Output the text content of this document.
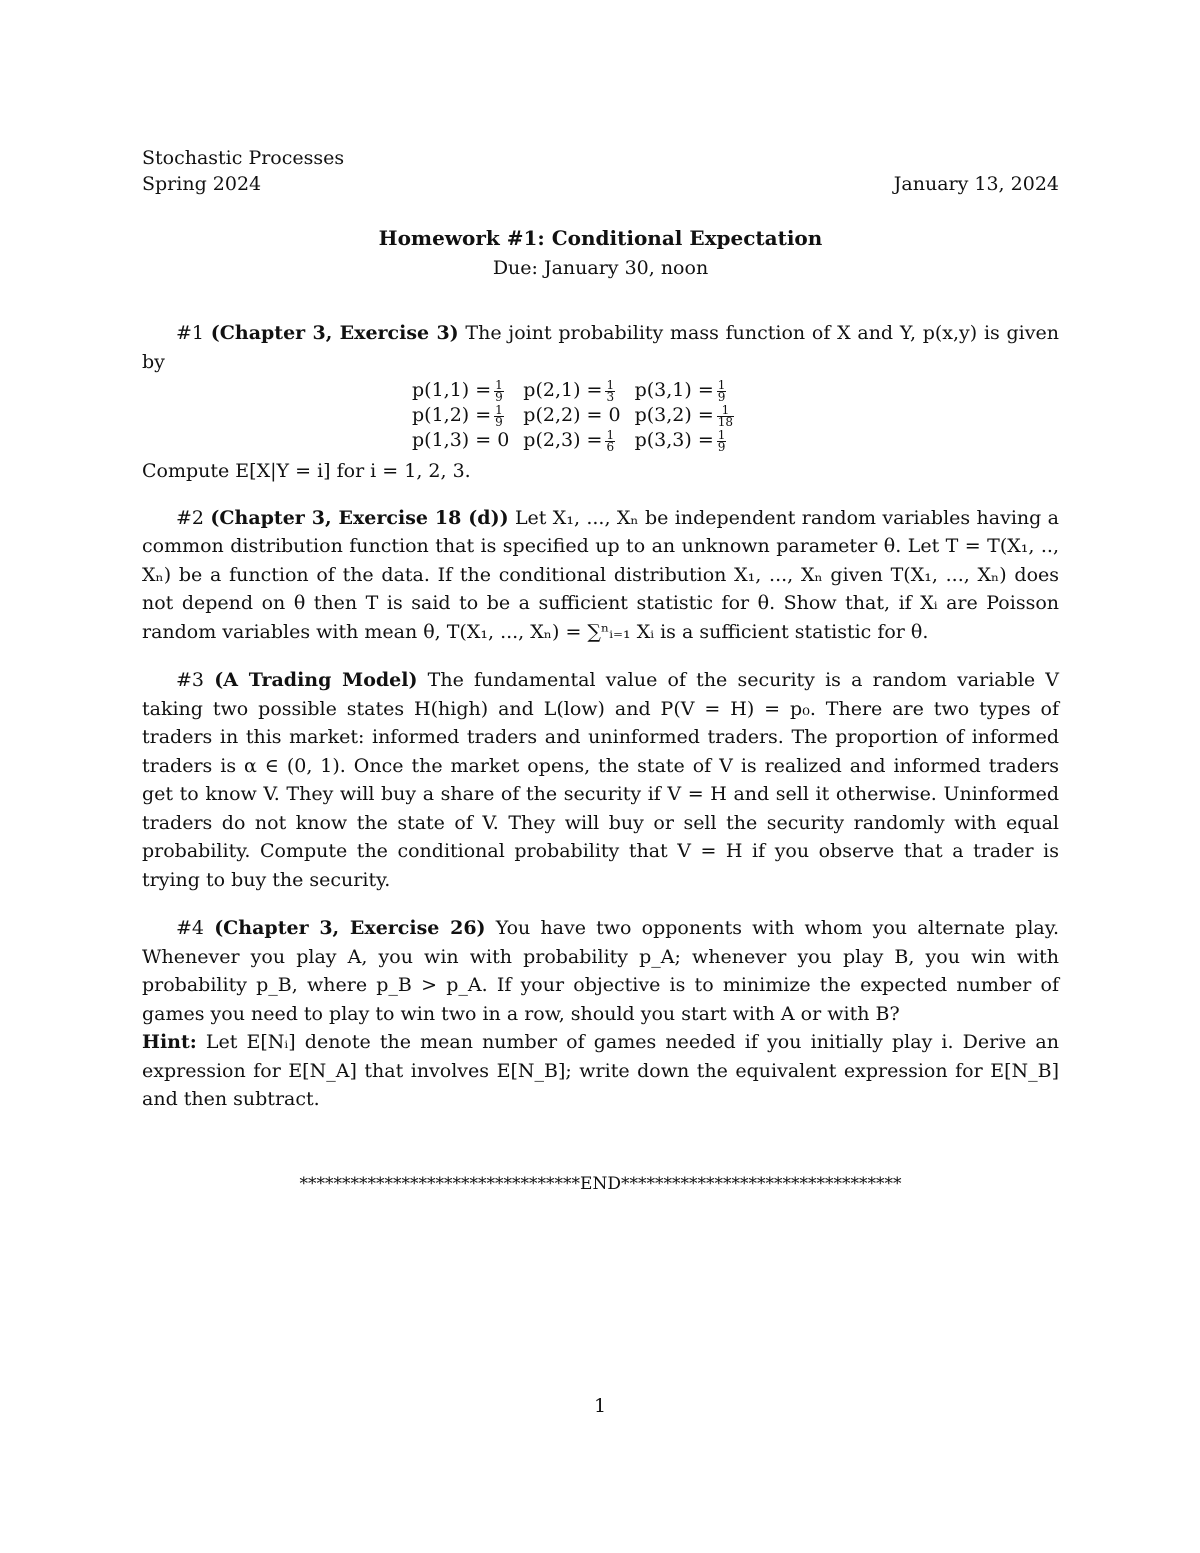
Stochastic Processes
Spring 2024	January 13, 2024
Homework #1: Conditional Expectation
Due: January 30, noon
#1 (Chapter 3, Exercise 3) The joint probability mass function of X and Y, p(x,y) is given by
$p(1,1) = \frac{1}{9}$	$p(2,1) = \frac{1}{3}$	$p(3,1) = \frac{1}{9}$

$p(1,2) = \frac{1}{9}$	p(2,2) = 0	$p(3,2) = \frac{1}{18}$

p(1,3) = 0	$p(2,3) = \frac{1}{6}$	$p(3,3) = \frac{1}{9}$
Compute E[X|Y = i] for i = 1, 2, 3.
#2 (Chapter 3, Exercise 18 (d)) Let X₁, ..., Xₙ be independent random variables having a common distribution function that is specified up to an unknown parameter θ. Let T = T(X₁, .., Xₙ) be a function of the data. If the conditional distribution X₁, ..., Xₙ given T(X₁, ..., Xₙ) does not depend on θ then T is said to be a sufficient statistic for θ. Show that, if Xᵢ are Poisson random variables with mean θ, T(X₁, ..., Xₙ) = ∑ⁿᵢ₌₁ Xᵢ is a sufficient statistic for θ.
#3 (A Trading Model) The fundamental value of the security is a random variable V taking two possible states H(high) and L(low) and P(V = H) = p₀. There are two types of traders in this market: informed traders and uninformed traders. The proportion of informed traders is α ∈ (0, 1). Once the market opens, the state of V is realized and informed traders get to know V. They will buy a share of the security if V = H and sell it otherwise. Uninformed traders do not know the state of V. They will buy or sell the security randomly with equal probability. Compute the conditional probability that V = H if you observe that a trader is trying to buy the security.
#4 (Chapter 3, Exercise 26) You have two opponents with whom you alternate play. Whenever you play A, you win with probability p_A; whenever you play B, you win with probability p_B, where p_B > p_A. If your objective is to minimize the expected number of games you need to play to win two in a row, should you start with A or with B?
Hint: Let E[Nᵢ] denote the mean number of games needed if you initially play i. Derive an expression for E[N_A] that involves E[N_B]; write down the equivalent expression for E[N_B] and then subtract.
*********************************END*********************************
1
